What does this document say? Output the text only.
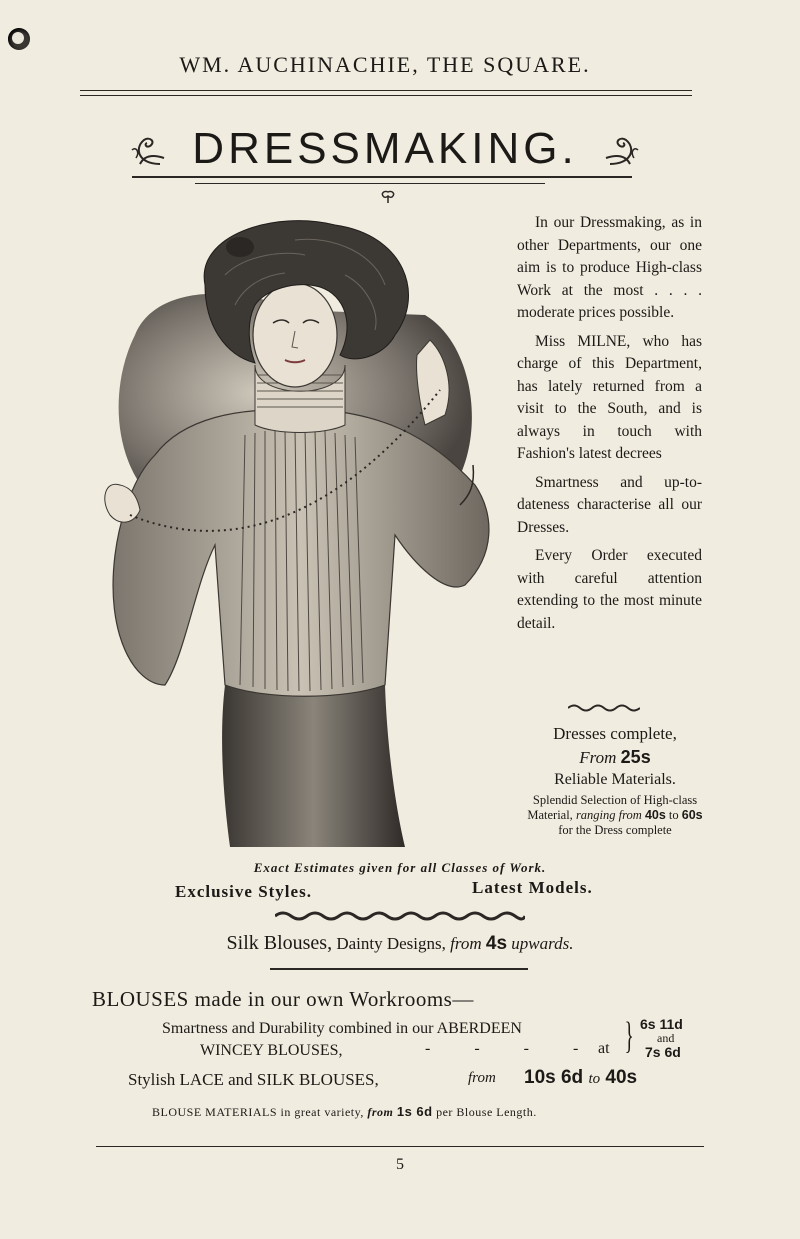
WM. AUCHINACHIE, THE SQUARE.
DRESSMAKING.

In our Dressmaking, as in other Departments, our one aim is to produce High-class Work at the most . . . . moderate prices possible.

Miss MILNE, who has charge of this Department, has lately returned from a visit to the South, and is always in touch with Fashion's latest decrees

Smartness and up-to-dateness characterise all our Dresses.

Every Order executed with careful attention extending to the most minute detail.

Dresses complete,
From 25s
Reliable Materials.
Splendid Selection of High-class Material, ranging from 40s to 60s for the Dress complete
Exact Estimates given for all Classes of Work.
Exclusive Styles.	Latest Models.
Silk Blouses, Dainty Designs, from 4s upwards.
BLOUSES made in our own Workrooms—
Smartness and Durability combined in our ABERDEEN
WINCEY BLOUSES,	- - - - at } 6s 11d
and
7s 6d
Stylish LACE and SILK BLOUSES,	from 10s 6d to 40s
BLOUSE MATERIALS in great variety, from 1s 6d per Blouse Length.
5
